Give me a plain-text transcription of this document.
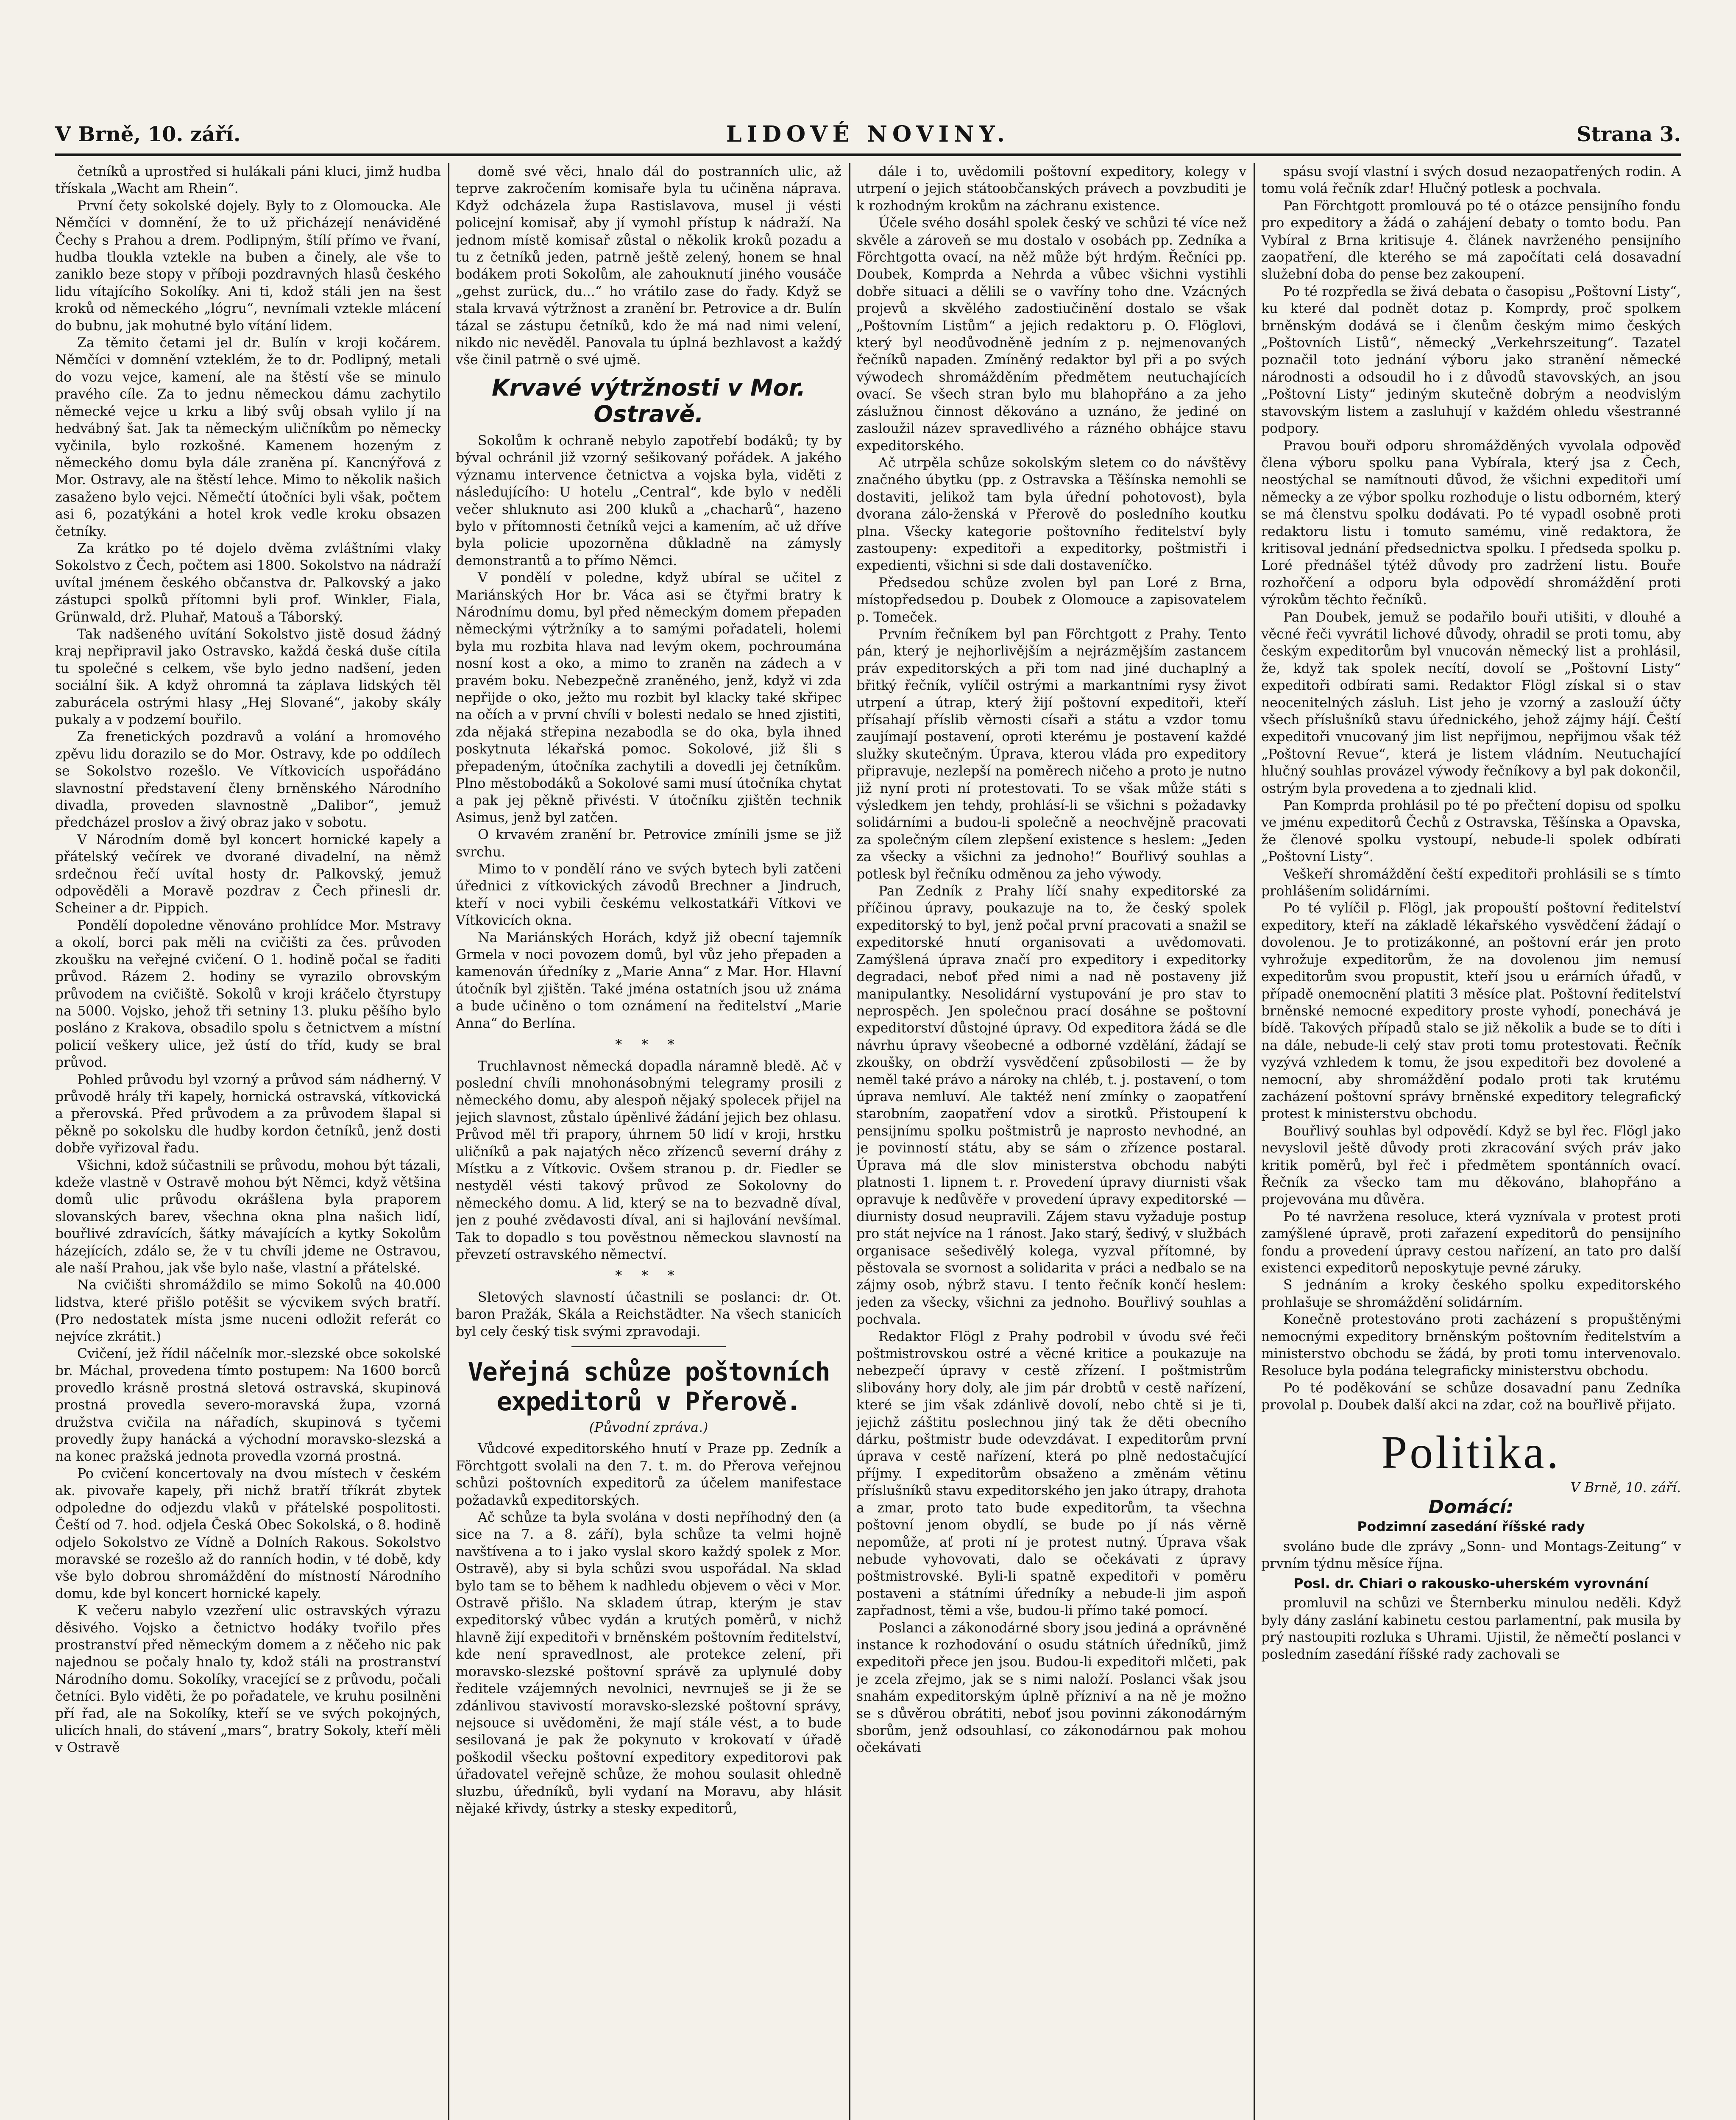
V Brně, 10. září.	LIDOVÉ NOVINY.	Strana 3.

četníků a uprostřed si hulákali páni kluci, jimž hudba třískala „Wacht am Rhein“.

První čety sokolské dojely. Byly to z Olomoucka. Ale Němčíci v domnění, že to už přicházejí nenáviděné Čechy s Prahou a drem. Podlipným, štílí přímo ve řvaní, hudba tloukla vztekle na buben a činely, ale vše to zaniklo beze stopy v příboji pozdravných hlasů českého lidu vítajícího Sokolíky. Ani ti, kdož stáli jen na šest kroků od německého „lógru“, nevnímali vztekle mlácení do bubnu, jak mohutné bylo vítání lidem.

Za těmito četami jel dr. Bulín v kroji kočárem. Němčíci v domnění vzteklém, že to dr. Podlipný, metali do vozu vejce, kamení, ale na štěstí vše se minulo pravého cíle. Za to jednu německou dámu zachytilo německé vejce u krku a libý svůj obsah vylilo jí na hedvábný šat. Jak ta německým uličníkům po německy vyčinila, bylo rozkošné. Kamenem hozeným z německého domu byla dále zraněna pí. Kancnýřová z Mor. Ostravy, ale na štěstí lehce. Mimo to několik našich zasaženo bylo vejci. Němečtí útočníci byli však, počtem asi 6, pozatýkáni a hotel krok vedle kroku obsazen četníky.

Za krátko po té dojelo dvěma zvláštními vlaky Sokolstvo z Čech, počtem asi 1800. Sokolstvo na nádraží uvítal jménem českého občanstva dr. Palkovský a jako zástupci spolků přítomni byli prof. Winkler, Fiala, Grünwald, drž. Pluhař, Matouš a Táborský.

Tak nadšeného uvítání Sokolstvo jistě dosud žádný kraj nepřipravil jako Ostravsko, každá česká duše cítila tu společné s celkem, vše bylo jedno nadšení, jeden sociální šik. A když ohromná ta záplava lidských těl zaburácela ostrými hlasy „Hej Slované“, jakoby skály pukaly a v podzemí bouřilo.

Za frenetických pozdravů a volání a hromového zpěvu lidu dorazilo se do Mor. Ostravy, kde po oddílech se Sokolstvo rozešlo. Ve Vítkovicích uspořádáno slavnostní představení členy brněnského Národního divadla, proveden slavnostně „Dalibor“, jemuž předcházel proslov a živý obraz jako v sobotu.

V Národním domě byl koncert hornické kapely a přátelský večírek ve dvorané divadelní, na němž srdečnou řečí uvítal hosty dr. Palkovský, jemuž odpověděli a Moravě pozdrav z Čech přinesli dr. Scheiner a dr. Pippich.

Pondělí dopoledne věnováno prohlídce Mor. Mstravy a okolí, borci pak měli na cvičišti za čes. průvoden zkoušku na veřejné cvičení. O 1. hodině počal se řaditi průvod. Rázem 2. hodiny se vyrazilo obrovským průvodem na cvičiště. Sokolů v kroji kráčelo čtyrstupy na 5000. Vojsko, jehož tři setniny 13. pluku pěšího bylo posláno z Krakova, obsadilo spolu s četnictvem a místní policií veškery ulice, jež ústí do tříd, kudy se bral průvod.

Pohled průvodu byl vzorný a průvod sám nádherný. V průvodě hrály tři kapely, hornická ostravská, vítkovická a přerovská. Před průvodem a za průvodem šlapal si pěkně po sokolsku dle hudby kordon četníků, jenž dosti dobře vyřizoval řadu.

Všichni, kdož súčastnili se průvodu, mohou být tázali, kdeže vlastně v Ostravě mohou být Němci, když většina domů ulic průvodu okrášlena byla praporem slovanských barev, všechna okna plna našich lidí, bouřlivé zdravících, šátky mávajících a kytky Sokolům házejících, zdálo se, že v tu chvíli jdeme ne Ostravou, ale naší Prahou, jak vše bylo naše, vlastní a přátelské.

Na cvičišti shromáždilo se mimo Sokolů na 40.000 lidstva, které přišlo potěšit se výcvikem svých bratří. (Pro nedostatek místa jsme nuceni odložit referát co nejvíce zkrátit.)

Cvičení, jež řídil náčelník mor.-slezské obce sokolské br. Máchal, provedena tímto postupem: Na 1600 borců provedlo krásně prostná sletová ostravská, skupinová prostná provedla severo-moravská župa, vzorná družstva cvičila na nářadích, skupinová s tyčemi provedly župy hanácká a východní moravsko-slezská a na konec pražská jednota provedla vzorná prostná.

Po cvičení koncertovaly na dvou místech v českém ak. pivovaře kapely, při nichž bratří tříkrát zbytek odpoledne do odjezdu vlaků v přátelské pospolitosti. Čeští od 7. hod. odjela Česká Obec Sokolská, o 8. hodině odjelo Sokolstvo ze Vídně a Dolních Rakous. Sokolstvo moravské se rozešlo až do ranních hodin, v té době, kdy vše bylo dobrou shromáždění do místností Národního domu, kde byl koncert hornické kapely.

K večeru nabylo vzezření ulic ostravských výrazu děsivého. Vojsko a četnictvo hodáky tvořilo přes prostranství před německým domem a z něčeho nic pak najednou se počaly hnalo ty, kdož stáli na prostranství Národního domu. Sokolíky, vracející se z průvodu, počali četníci. Bylo viděti, že po pořadatele, ve kruhu posilněni pří řad, ale na Sokolíky, kteří se ve svých pokojných, ulicích hnali, do stávení „mars“, bratry Sokoly, kteří měli v Ostravě

domě své věci, hnalo dál do postranních ulic, až teprve zakročením komisaře byla tu učiněna náprava. Když odcházela župa Rastislavova, musel ji vésti policejní komisař, aby jí vymohl přístup k nádraží. Na jednom místě komisař zůstal o několik kroků pozadu a tu z četníků jeden, patrně ještě zelený, honem se hnal bodákem proti Sokolům, ale zahouknutí jiného vousáče „gehst zurück, du...“ ho vrátilo zase do řady. Když se stala krvavá výtržnost a zranění br. Petrovice a dr. Bulín tázal se zástupu četníků, kdo že má nad nimi velení, nikdo nic nevěděl. Panovala tu úplná bezhlavost a každý vše činil patrně o své ujmě.

Krvavé výtržnosti v Mor. Ostravě.

Sokolům k ochraně nebylo zapotřebí bodáků; ty by býval ochránil již vzorný sešikovaný pořádek. A jakého významu intervence četnictva a vojska byla, viděti z následujícího: U hotelu „Central“, kde bylo v neděli večer shluknuto asi 200 kluků a „chacharů“, hazeno bylo v přítomnosti četníků vejci a kamením, ač už dříve byla policie upozorněna důkladně na zámysly demonstrantů a to přímo Němci.

V pondělí v poledne, když ubíral se učitel z Mariánských Hor br. Váca asi se čtyřmi bratry k Národnímu domu, byl před německým domem přepaden německými výtržníky a to samými pořadateli, holemi byla mu rozbita hlava nad levým okem, pochroumána nosní kost a oko, a mimo to zraněn na zádech a v pravém boku. Nebezpečně zraněného, jenž, když vi zda nepřijde o oko, ježto mu rozbit byl klacky také skřipec na očích a v první chvíli v bolesti nedalo se hned zjistiti, zda nějaká střepina nezabodla se do oka, byla ihned poskytnuta lékařská pomoc. Sokolové, již šli s přepadeným, útočníka zachytili a dovedli jej četníkům. Plno městobodáků a Sokolové sami musí útočníka chytat a pak jej pěkně přivésti. V útočníku zjištěn technik Asimus, jenž byl zatčen.

O krvavém zranění br. Petrovice zmínili jsme se již svrchu.

Mimo to v pondělí ráno ve svých bytech byli zatčeni úřednici z vítkovických závodů Brechner a Jindruch, kteří v noci vybili českému velkostatkáři Vítkovi ve Vítkovicích okna.

Na Mariánských Horách, když již obecní tajemník Grmela v noci povozem domů, byl vůz jeho přepaden a kamenován úředníky z „Marie Anna“ z Mar. Hor. Hlavní útočník byl zjištěn. Také jména ostatních jsou už známa a bude učiněno o tom oznámení na ředitelství „Marie Anna“ do Berlína.

* * *

Truchlavnost německá dopadla náramně bledě. Ač v poslední chvíli mnohonásobnými telegramy prosili z německého domu, aby alespoň nějaký spolecek přijel na jejich slavnost, zůstalo úpěnlivé žádání jejich bez ohlasu. Průvod měl tři prapory, úhrnem 50 lidí v kroji, hrstku uličníků a pak najatých něco zřízenců severní dráhy z Místku a z Vítkovic. Ovšem stranou p. dr. Fiedler se nestyděl vésti takový průvod ze Sokolovny do německého domu. A lid, který se na to bezvadně díval, jen z pouhé zvědavosti díval, ani si hajlování nevšímal. Tak to dopadlo s tou pověstnou německou slavností na převzetí ostravského němectví.

* * *

Sletových slavností účastnili se poslanci: dr. Ot. baron Pražák, Skála a Reichstädter. Na všech stanicích byl cely český tisk svými zpravodaji.

Veřejná schůze poštovních
expeditorů v Přerově.
(Původní zpráva.)

Vůdcové expeditorského hnutí v Praze pp. Zedník a Förchtgott svolali na den 7. t. m. do Přerova veřejnou schůzi poštovních expeditorů za účelem manifestace požadavků expeditorských.

Ač schůze ta byla svolána v dosti nepříhodný den (a sice na 7. a 8. září), byla schůze ta velmi hojně navštívena a to i jako vyslal skoro každý spolek z Mor. Ostravě), aby si byla schůzi svou uspořádal. Na sklad bylo tam se to během k nadhledu objevem o věci v Mor. Ostravě přišlo. Na skladem útrap, kterým je stav expeditorský vůbec vydán a krutých poměrů, v nichž hlavně žijí expeditoři v brněnském poštovním ředitelství, kde není spravedlnost, ale protekce zelení, při moravsko-slezské poštovní správě za uplynulé doby ředitele vzájemných nevolnici, nevrnuješ se ji že se zdánlivou stavivostí moravsko-slezské poštovní správy, nejsouce si uvědoměni, že mají stále vést, a to bude sesilovaná je pak že pokynuto v krokovatí v úřadě poškodil všecku poštovní expeditory expeditorovi pak úřadovatel veřejně schůze, že mohou soulasit ohledně sluzbu, úředníků, byli vydaní na Moravu, aby hlásit nějaké křivdy, ústrky a stesky expeditorů,

dále i to, uvědomili poštovní expeditory, kolegy v utrpení o jejich státoobčanských právech a povzbuditi je k rozhodným krokům na záchranu existence.

Účele svého dosáhl spolek český ve schůzi té více než skvěle a zároveň se mu dostalo v osobách pp. Zedníka a Förchtgotta ovací, na něž může být hrdým. Řečníci pp. Doubek, Komprda a Nehrda a vůbec všichni vystihli dobře situaci a dělili se o vavříny toho dne. Vzácných projevů a skvělého zadostiučinění dostalo se však „Poštovním Listům“ a jejich redaktoru p. O. Flöglovi, který byl neodůvodněně jedním z p. nejmenovaných řečníků napaden. Zmíněný redaktor byl při a po svých výwodech shromážděním předmětem neutuchajících ovací. Se všech stran bylo mu blahopřáno a za jeho záslužnou činnost děkováno a uznáno, že jediné on zasloužil název spravedlivého a rázného obhájce stavu expeditorského.

Ač utrpěla schůze sokolským sletem co do návštěvy značného úbytku (pp. z Ostravska a Těšínska nemohli se dostaviti, jelikož tam byla úřední pohotovost), byla dvorana zálo-ženská v Přerově do posledního koutku plna. Všecky kategorie poštovního ředitelství byly zastoupeny: expeditoři a expeditorky, poštmistři i expedienti, všichni si sde dali dostaveníčko.

Předsedou schůze zvolen byl pan Loré z Brna, místopředsedou p. Doubek z Olomouce a zapisovatelem p. Tomeček.

Prvním řečníkem byl pan Förchtgott z Prahy. Tento pán, který je nejhorlivějším a nejrázmějším zastancem práv expeditorských a při tom nad jiné duchaplný a břitký řečník, vylíčil ostrými a markantními rysy život utrpení a útrap, který žijí poštovní expeditoři, kteří přísahají příslib věrnosti císaři a státu a vzdor tomu zaujímají postavení, oproti kterému je postavení každé služky skutečným. Úprava, kterou vláda pro expeditory připravuje, nezlepší na poměrech ničeho a proto je nutno již nyní proti ní protestovati. To se však může státi s výsledkem jen tehdy, prohlásí-li se všichni s požadavky solidárními a budou-li společně a neochvějně pracovati za společným cílem zlepšení existence s heslem: „Jeden za všecky a všichni za jednoho!“ Bouřlivý souhlas a potlesk byl řečníku odměnou za jeho výwody.

Pan Zedník z Prahy líčí snahy expeditorské za příčinou úpravy, poukazuje na to, že český spolek expeditorský to byl, jenž počal první pracovati a snažil se expeditorské hnutí organisovati a uvědomovati. Zamýšlená úprava značí pro expeditory i expeditorky degradaci, neboť před nimi a nad ně postaveny již manipulantky. Nesolidární vystupování je pro stav to neprospěch. Jen společnou prací dosáhne se poštovní expeditorství důstojné úpravy. Od expeditora žádá se dle návrhu úpravy všeobecné a odborné vzdělání, žádají se zkoušky, on obdrží vysvědčení způsobilosti — že by neměl také právo a nároky na chléb, t. j. postavení, o tom úprava nemluví. Ale taktéž není zmínky o zaopatření starobním, zaopatření vdov a sirotků. Přistoupení k pensijnímu spolku poštmistrů je naprosto nevhodné, an je povinností státu, aby se sám o zřízence postaral. Úprava má dle slov ministerstva obchodu nabýti platnosti 1. lipnem t. r. Provedení úpravy diurnisti však opravuje k nedůvěře v provedení úpravy expeditorské — diurnisty dosud neupravili. Zájem stavu vyžaduje postup pro stát nejvíce na 1 ránost. Jako starý, šedivý, v službách organisace sešedivělý kolega, vyzval přítomné, by pěstovala se svornost a solidarita v práci a nedbalo se na zájmy osob, nýbrž stavu. I tento řečník končí heslem: jeden za všecky, všichni za jednoho. Bouřlivý souhlas a pochvala.

Redaktor Flögl z Prahy podrobil v úvodu své řeči poštmistrovskou ostré a věcné kritice a poukazuje na nebezpečí úpravy v cestě zřízení. I poštmistrům slibovány hory doly, ale jim pár drobtů v cestě nařízení, které se jim však zdánlivě dovolí, nebo chtě si je ti, jejichž záštitu poslechnou jiný tak že děti obecního dárku, poštmistr bude odevzdávat. I expeditorům první úprava v cestě nařízení, která po plně nedostačující příjmy. I expeditorům obsaženo a změnám větinu příslušníků stavu expeditorského jen jako útrapy, drahota a zmar, proto tato bude expeditorům, ta všechna poštovní jenom obydlí, se bude po jí nás věrně nepomůže, ať proti ní je protest nutný. Úprava však nebude vyhovovati, dalo se očekávati z úpravy poštmistrovské. Byli-li spatně expeditoři v poměru postaveni a státními úředníky a nebude-li jim aspoň zapřadnost, těmi a vše, budou-li přímo také pomocí.

Poslanci a zákonodárné sbory jsou jediná a oprávněné instance k rozhodování o osudu státních úředníků, jimž expeditoři přece jen jsou. Budou-li expeditoři mlčeti, pak je zcela zřejmo, jak se s nimi naloží. Poslanci však jsou snahám expeditorským úplně přízniví a na ně je možno se s důvěrou obrátiti, neboť jsou povinni zákonodárným sborům, jenž odsouhlasí, co zákonodárnou pak mohou očekávati

spásu svojí vlastní i svých dosud nezaopatřených rodin. A tomu volá řečník zdar! Hlučný potlesk a pochvala.

Pan Förchtgott promlouvá po té o otázce pensijního fondu pro expeditory a žádá o zahájení debaty o tomto bodu. Pan Vybíral z Brna kritisuje 4. článek navrženého pensijního zaopatření, dle kterého se má započítati celá dosavadní služební doba do pense bez zakoupení.

Po té rozpředla se živá debata o časopisu „Poštovní Listy“, ku které dal podnět dotaz p. Komprdy, proč spolkem brněnským dodává se i členům českým mimo českých „Poštovních Listů“, německý „Verkehrszeitung“. Tazatel poznačil toto jednání výboru jako stranění německé národnosti a odsoudil ho i z důvodů stavovských, an jsou „Poštovní Listy“ jediným skutečně dobrým a neodvislým stavovským listem a zasluhují v každém ohledu všestranné podpory.

Pravou bouři odporu shromážděných vyvolala odpověď člena výboru spolku pana Vybírala, který jsa z Čech, neostýchal se namítnouti důvod, že všichni expeditoři umí německy a ze výbor spolku rozhoduje o listu odborném, který se má členstvu spolku dodávati. Po té vypadl osobně proti redaktoru listu i tomuto samému, vině redaktora, že kritisoval jednání předsednictva spolku. I předseda spolku p. Loré přednášel týtéž důvody pro zadržení listu. Bouře rozhořčení a odporu byla odpovědí shromáždění proti výrokům těchto řečníků.

Pan Doubek, jemuž se podařilo bouři utišiti, v dlouhé a věcné řeči vyvrátil lichové důvody, ohradil se proti tomu, aby českým expeditorům byl vnucován německý list a prohlásil, že, když tak spolek necítí, dovolí se „Poštovní Listy“ expeditoři odbírati sami. Redaktor Flögl získal si o stav neocenitelných zásluh. List jeho je vzorný a zaslouží účty všech příslušníků stavu úřednického, jehož zájmy hájí. Čeští expeditoři vnucovaný jim list nepřijmou, nepřijmou však též „Poštovní Revue“, která je listem vládním. Neutuchající hlučný souhlas provázel výwody řečníkovy a byl pak dokončil, ostrým byla provedena a to zjednali klid.

Pan Komprda prohlásil po té po přečtení dopisu od spolku ve jménu expeditorů Čechů z Ostravska, Těšínska a Opavska, že členové spolku vystoupí, nebude-li spolek odbírati „Poštovní Listy“.

Veškeří shromáždění čeští expeditoři prohlásili se s tímto prohlášením solidárními.

Po té vylíčil p. Flögl, jak propouští poštovní ředitelství expeditory, kteří na základě lékařského vysvědčení žádají o dovolenou. Je to protizákonné, an poštovní erár jen proto vyhrožuje expeditorům, že na dovolenou jim nemusí expeditorům svou propustit, kteří jsou u erárních úřadů, v případě onemocnění platiti 3 měsíce plat. Poštovní ředitelství brněnské nemocné expeditory proste vyhodí, ponechává je bídě. Takových případů stalo se již několik a bude se to díti i na dále, nebude-li celý stav proti tomu protestovati. Řečník vyzývá vzhledem k tomu, že jsou expeditoři bez dovolené a nemocní, aby shromáždění podalo proti tak krutému zacházení poštovní správy brněnské expeditory telegrafický protest k ministerstvu obchodu.

Bouřlivý souhlas byl odpovědí. Když se byl řec. Flögl jako nevyslovil ještě důvody proti zkracování svých práv jako kritik poměrů, byl řeč i předmětem spontánních ovací. Řečník za všecko tam mu děkováno, blahopřáno a projevována mu důvěra.

Po té navržena resoluce, která vyznívala v protest proti zamýšlené úpravě, proti zařazení expeditorů do pensijního fondu a provedení úpravy cestou nařízení, an tato pro další existenci expeditorů neposkytuje pevné záruky.

S jednáním a kroky českého spolku expeditorského prohlašuje se shromáždění solidárním.

Konečně protestováno proti zacházení s propuštěnými nemocnými expeditory brněnským poštovním ředitelstvím a ministerstvo obchodu se žádá, by proti tomu intervenovalo. Resoluce byla podána telegraficky ministerstvu obchodu.

Po té poděkování se schůze dosavadní panu Zedníka provolal p. Doubek další akci na zdar, což na bouřlivě přijato.

Politika.
V Brně, 10. září.
Domácí:
Podzimní zasedání říšské rady

svoláno bude dle zprávy „Sonn- und Montags-Zeitung“ v prvním týdnu měsíce října.

Posl. dr. Chiari o rakousko-uherském vyrovnání

promluvil na schůzi ve Šternberku minulou neděli. Když byly dány zaslání kabinetu cestou parlamentní, pak musila by prý nastoupiti rozluka s Uhrami. Ujistil, že němečtí poslanci v posledním zasedání říšské rady zachovali se
